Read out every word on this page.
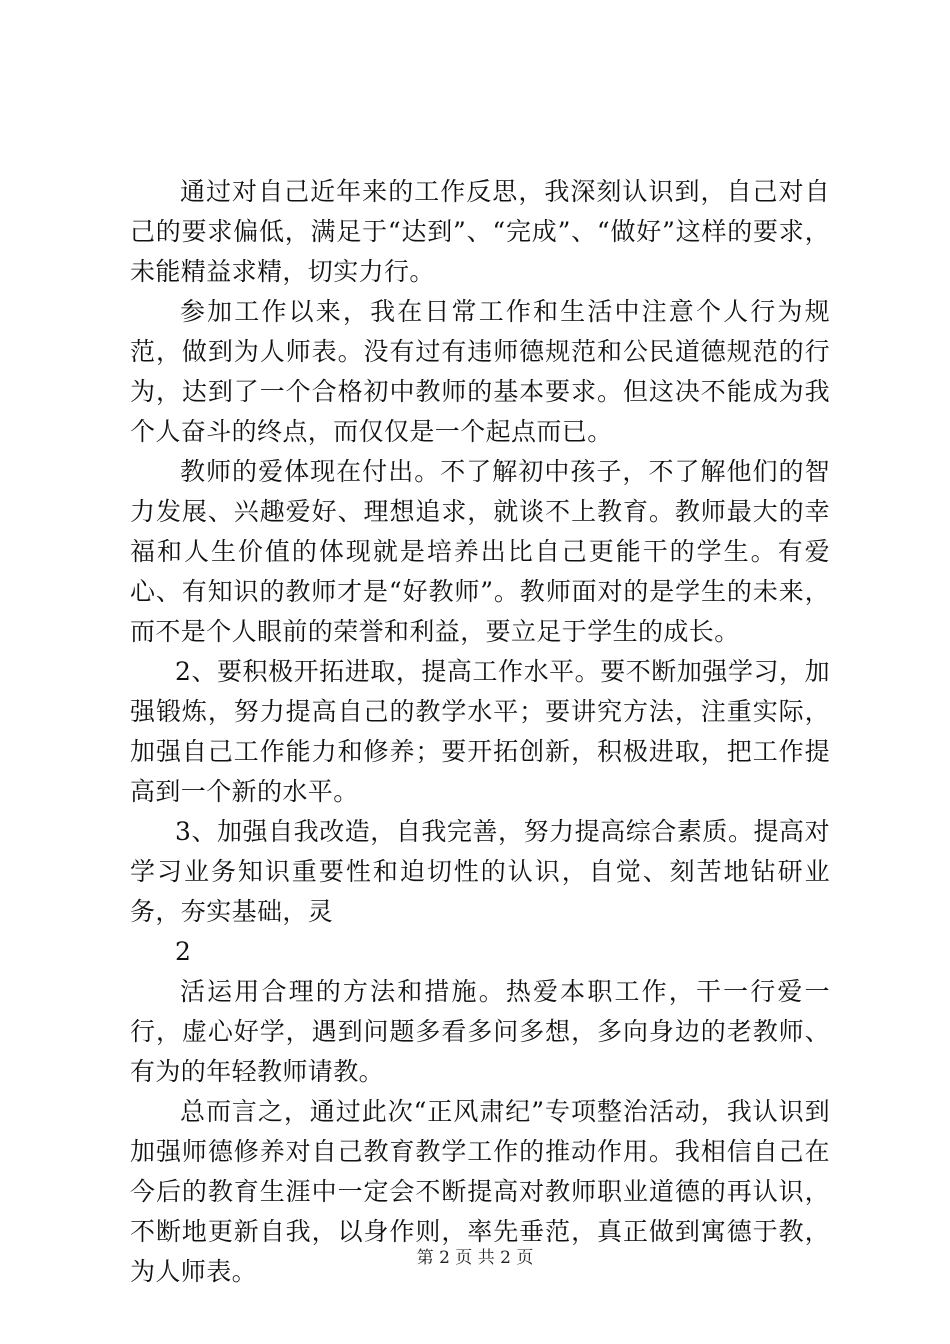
通过对自己近年来的工作反思，我深刻认识到，自己对自己的要求偏低，满足于“达到”、“完成”、“做好”这样的要求，未能精益求精，切实力行。

参加工作以来，我在日常工作和生活中注意个人行为规范，做到为人师表。没有过有违师德规范和公民道德规范的行为，达到了一个合格初中教师的基本要求。但这决不能成为我个人奋斗的终点，而仅仅是一个起点而已。

教师的爱体现在付出。不了解初中孩子，不了解他们的智力发展、兴趣爱好、理想追求，就谈不上教育。教师最大的幸福和人生价值的体现就是培养出比自己更能干的学生。有爱心、有知识的教师才是“好教师”。教师面对的是学生的未来，而不是个人眼前的荣誉和利益，要立足于学生的成长。

2、要积极开拓进取，提高工作水平。要不断加强学习，加强锻炼，努力提高自己的教学水平；要讲究方法，注重实际，加强自己工作能力和修养；要开拓创新，积极进取，把工作提高到一个新的水平。

3、加强自我改造，自我完善，努力提高综合素质。提高对学习业务知识重要性和迫切性的认识，自觉、刻苦地钻研业务，夯实基础，灵

2

活运用合理的方法和措施。热爱本职工作，干一行爱一行，虚心好学，遇到问题多看多问多想，多向身边的老教师、有为的年轻教师请教。

总而言之，通过此次“正风肃纪”专项整治活动，我认识到加强师德修养对自己教育教学工作的推动作用。我相信自己在今后的教育生涯中一定会不断提高对教师职业道德的再认识，不断地更新自我，以身作则，率先垂范，真正做到寓德于教，为人师表。	第 2 页 共 2 页
